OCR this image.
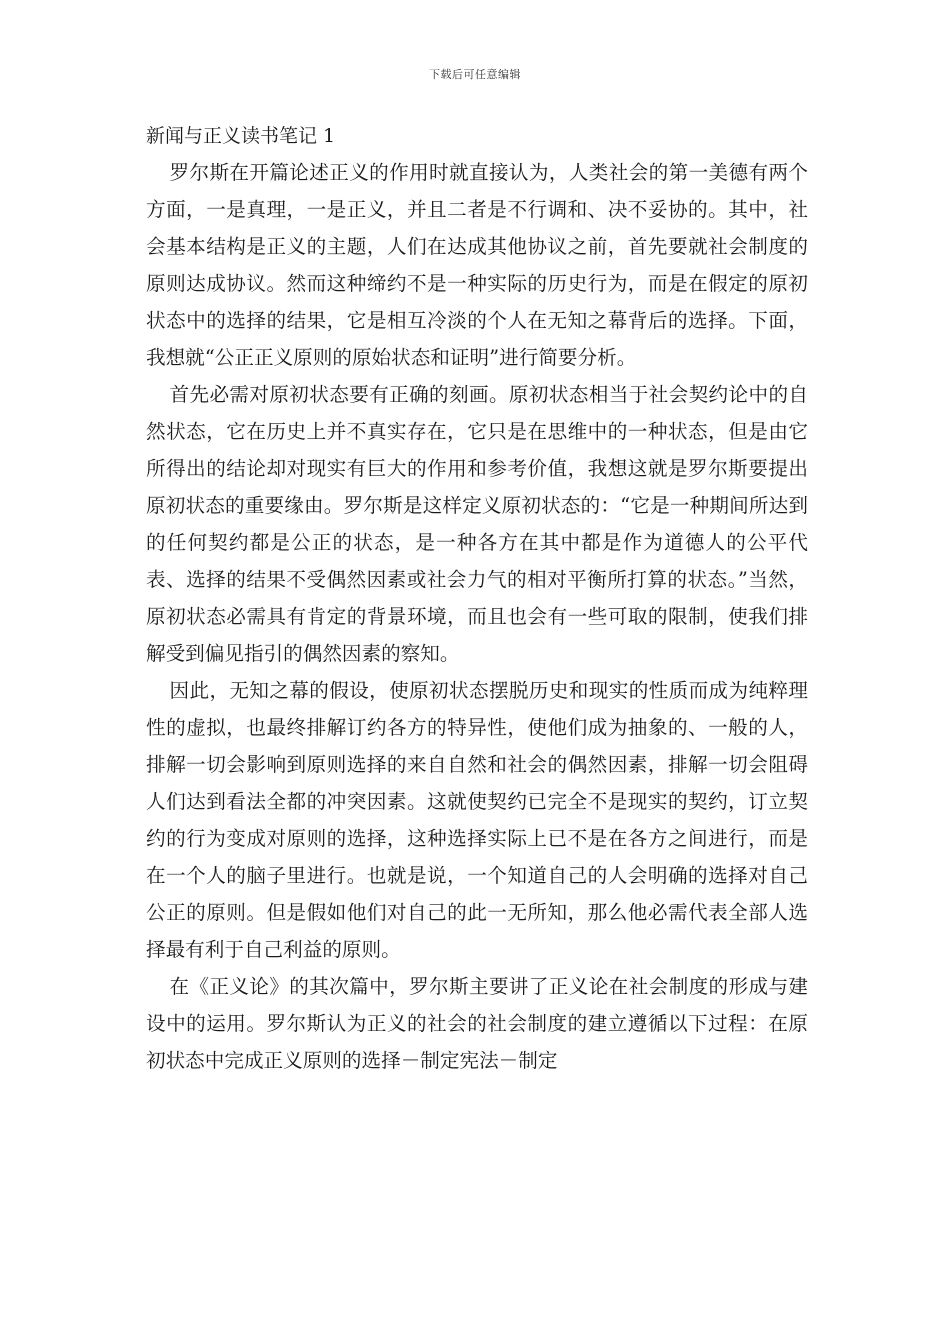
下载后可任意编辑
新闻与正义读书笔记 1

罗尔斯在开篇论述正义的作用时就直接认为，人类社会的第一美德有两个方面，一是真理，一是正义，并且二者是不行调和、决不妥协的。其中，社会基本结构是正义的主题，人们在达成其他协议之前，首先要就社会制度的原则达成协议。然而这种缔约不是一种实际的历史行为，而是在假定的原初状态中的选择的结果，它是相互冷淡的个人在无知之幕背后的选择。下面，我想就“公正正义原则的原始状态和证明”进行简要分析。

首先必需对原初状态要有正确的刻画。原初状态相当于社会契约论中的自然状态，它在历史上并不真实存在，它只是在思维中的一种状态，但是由它所得出的结论却对现实有巨大的作用和参考价值，我想这就是罗尔斯要提出原初状态的重要缘由。罗尔斯是这样定义原初状态的：“它是一种期间所达到的任何契约都是公正的状态，是一种各方在其中都是作为道德人的公平代表、选择的结果不受偶然因素或社会力气的相对平衡所打算的状态。”当然，原初状态必需具有肯定的背景环境，而且也会有一些可取的限制，使我们排解受到偏见指引的偶然因素的察知。

因此，无知之幕的假设，使原初状态摆脱历史和现实的性质而成为纯粹理性的虚拟，也最终排解订约各方的特异性，使他们成为抽象的、一般的人，排解一切会影响到原则选择的来自自然和社会的偶然因素，排解一切会阻碍人们达到看法全都的冲突因素。这就使契约已完全不是现实的契约，订立契约的行为变成对原则的选择，这种选择实际上已不是在各方之间进行，而是在一个人的脑子里进行。也就是说，一个知道自己的人会明确的选择对自己公正的原则。但是假如他们对自己的此一无所知，那么他必需代表全部人选择最有利于自己利益的原则。

在《正义论》的其次篇中，罗尔斯主要讲了正义论在社会制度的形成与建设中的运用。罗尔斯认为正义的社会的社会制度的建立遵循以下过程：在原初状态中完成正义原则的选择－制定宪法－制定
